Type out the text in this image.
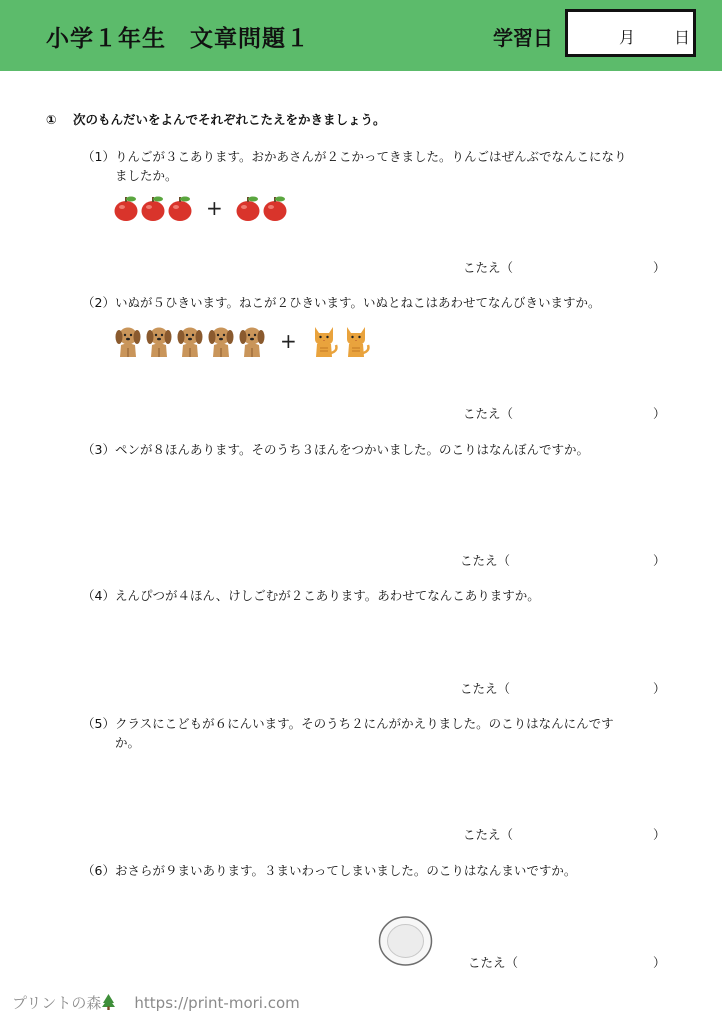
小学１年生　文章問題１	学習日	月 日
① 次のもんだいをよんでそれぞれこたえをかきましょう。
（1）りんごが３こあります。おかあさんが２こかってきました。りんごはぜんぶでなんこになり
ましたか。
+
こたえ（	）
（2）いぬが５ひきいます。ねこが２ひきいます。いぬとねこはあわせてなんびきいますか。
+
こたえ（	）
（3）ペンが８ほんあります。そのうち３ほんをつかいました。のこりはなんぼんですか。
こたえ（	）
（4）えんぴつが４ほん、けしごむが２こあります。あわせてなんこありますか。
こたえ（	）
（5）クラスにこどもが６にんいます。そのうち２にんがかえりました。のこりはなんにんです
か。
こたえ（	）
（6）おさらが９まいあります。３まいわってしまいました。のこりはなんまいですか。
こたえ（	）
プリントの森 https://print-mori.com
